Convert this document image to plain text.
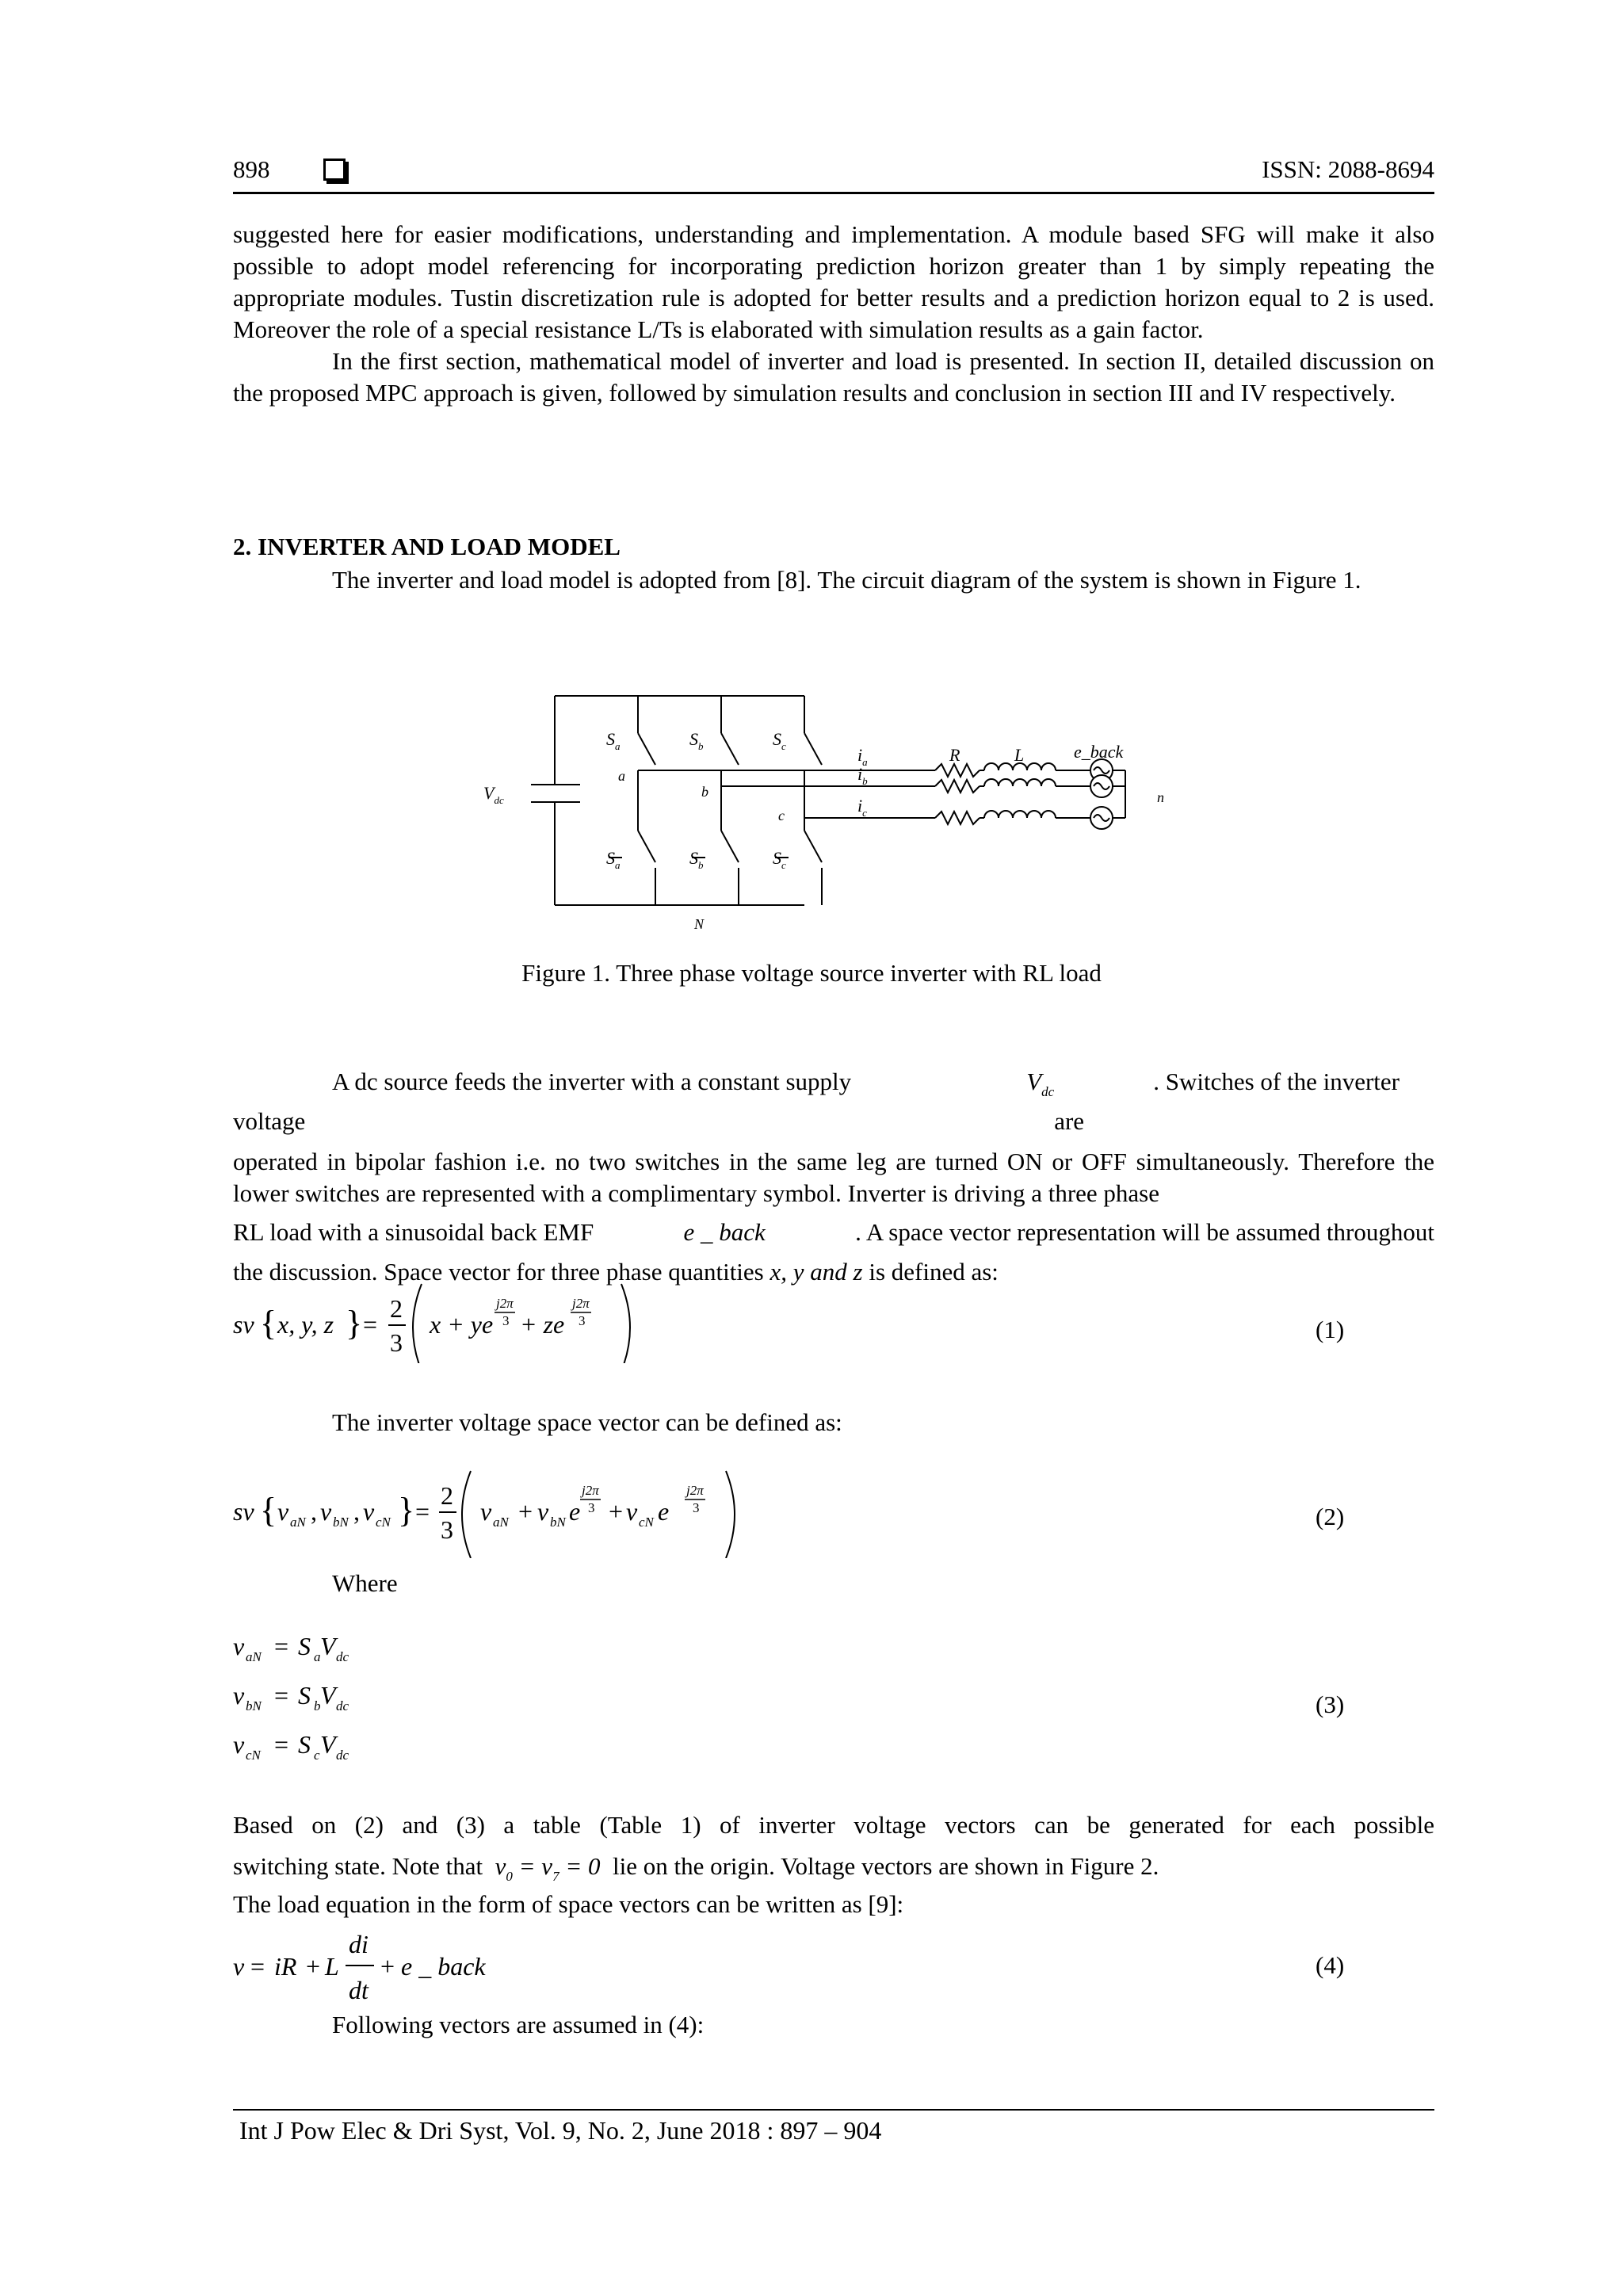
898	ISSN: 2088-8694

suggested here for easier modifications, understanding and implementation. A module based SFG will make it also possible to adopt model referencing for incorporating prediction horizon greater than 1 by simply repeating the appropriate modules. Tustin discretization rule is adopted for better results and a prediction horizon equal to 2 is used. Moreover the role of a special resistance L/Ts is elaborated with simulation results as a gain factor.

In the first section, mathematical model of inverter and load is presented. In section II, detailed discussion on the proposed MPC approach is given, followed by simulation results and conclusion in section III and IV respectively.

2. INVERTER AND LOAD MODEL

The inverter and load model is adopted from [8]. The circuit diagram of the system is shown in Figure 1.

$V_{dc}$
$S_a$	$S_b$	$S_c$
a
b
c
$S_a$	$S_b$	$S_c$
$i_a$
$i_b$
$i_c$
R	L	e_back
n
N
Figure 1. Three phase voltage source inverter with RL load
A dc source feeds the inverter with a constant supply voltage
$V_{dc}$	. Switches of the inverter are
operated in bipolar fashion i.e. no two switches in the same leg are turned ON or OFF simultaneously. Therefore the lower switches are represented with a complimentary symbol. Inverter is driving a three phase
RL load with a sinusoidal back EMF	e _ back	. A space vector representation will be assumed throughout
the discussion. Space vector for three phase quantities x, y and z is defined as:
sv { x, y, z } =
2
3
x + ye
j2π
3 + ze
j2π
3	(1)
The inverter voltage space vector can be defined as:
sv { v aN , v bN , v cN } =
2
3
v aN + v bN e
j2π
3 + v cN e
j2π
3	(2)
Where
v aN = S a V dc
v bN = S b V dc
v cN = S c V dc
(3)
Based on (2) and (3) a table (Table 1) of inverter voltage vectors can be generated for each possible
switching state. Note that  $v_0 = v_7 = 0$  lie on the origin. Voltage vectors are shown in Figure 2.
The load equation in the form of space vectors can be written as [9]:
v = iR + L
di
dt
+ e _ back	(4)
Following vectors are assumed in (4):
Int J Pow Elec & Dri Syst, Vol. 9, No. 2, June 2018 : 897 – 904
